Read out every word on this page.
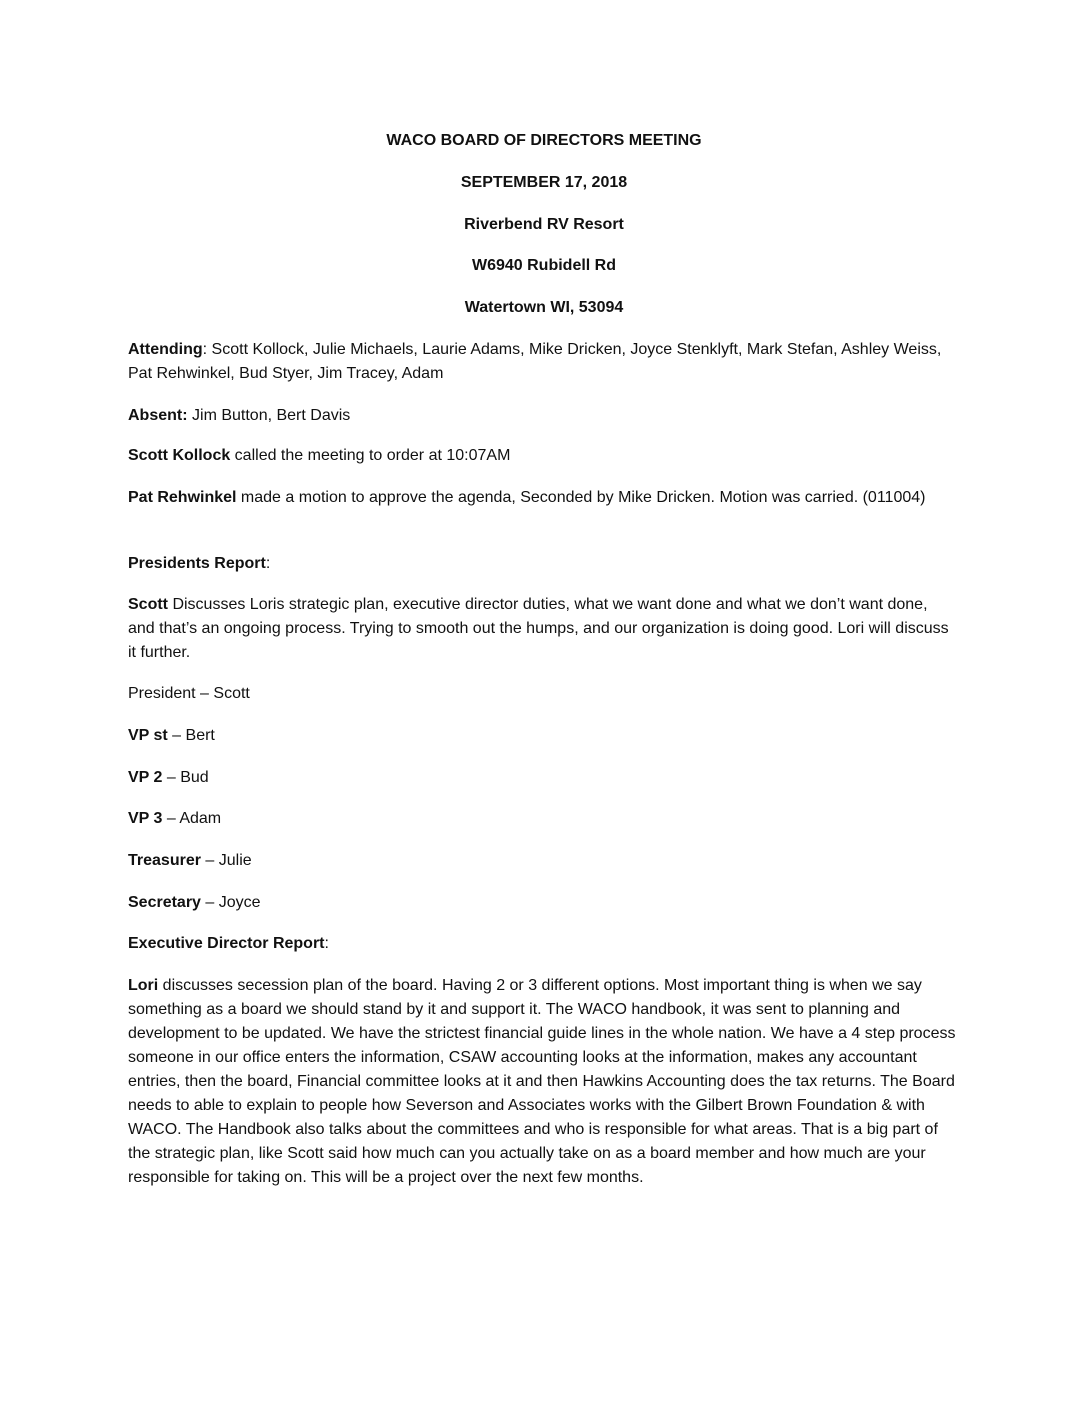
WACO BOARD OF DIRECTORS MEETING
SEPTEMBER 17, 2018
Riverbend RV Resort
W6940 Rubidell Rd
Watertown WI, 53094

Attending: Scott Kollock, Julie Michaels, Laurie Adams, Mike Dricken, Joyce Stenklyft, Mark Stefan, Ashley Weiss, Pat Rehwinkel, Bud Styer, Jim Tracey, Adam

Absent: Jim Button, Bert Davis

Scott Kollock called the meeting to order at 10:07AM

Pat Rehwinkel made a motion to approve the agenda, Seconded by Mike Dricken. Motion was carried. (011004)

Presidents Report:

Scott Discusses Loris strategic plan, executive director duties, what we want done and what we don’t want done, and that’s an ongoing process. Trying to smooth out the humps, and our organization is doing good. Lori will discuss it further.

President – Scott

VP st – Bert

VP 2 – Bud

VP 3 – Adam

Treasurer – Julie

Secretary – Joyce

Executive Director Report:

Lori discusses secession plan of the board. Having 2 or 3 different options. Most important thing is when we say something as a board we should stand by it and support it. The WACO handbook, it was sent to planning and development to be updated. We have the strictest financial guide lines in the whole nation. We have a 4 step process someone in our office enters the information, CSAW accounting looks at the information, makes any accountant entries, then the board, Financial committee looks at it and then Hawkins Accounting does the tax returns. The Board needs to able to explain to people how Severson and Associates works with the Gilbert Brown Foundation & with WACO. The Handbook also talks about the committees and who is responsible for what areas. That is a big part of the strategic plan, like Scott said how much can you actually take on as a board member and how much are your responsible for taking on. This will be a project over the next few months.
